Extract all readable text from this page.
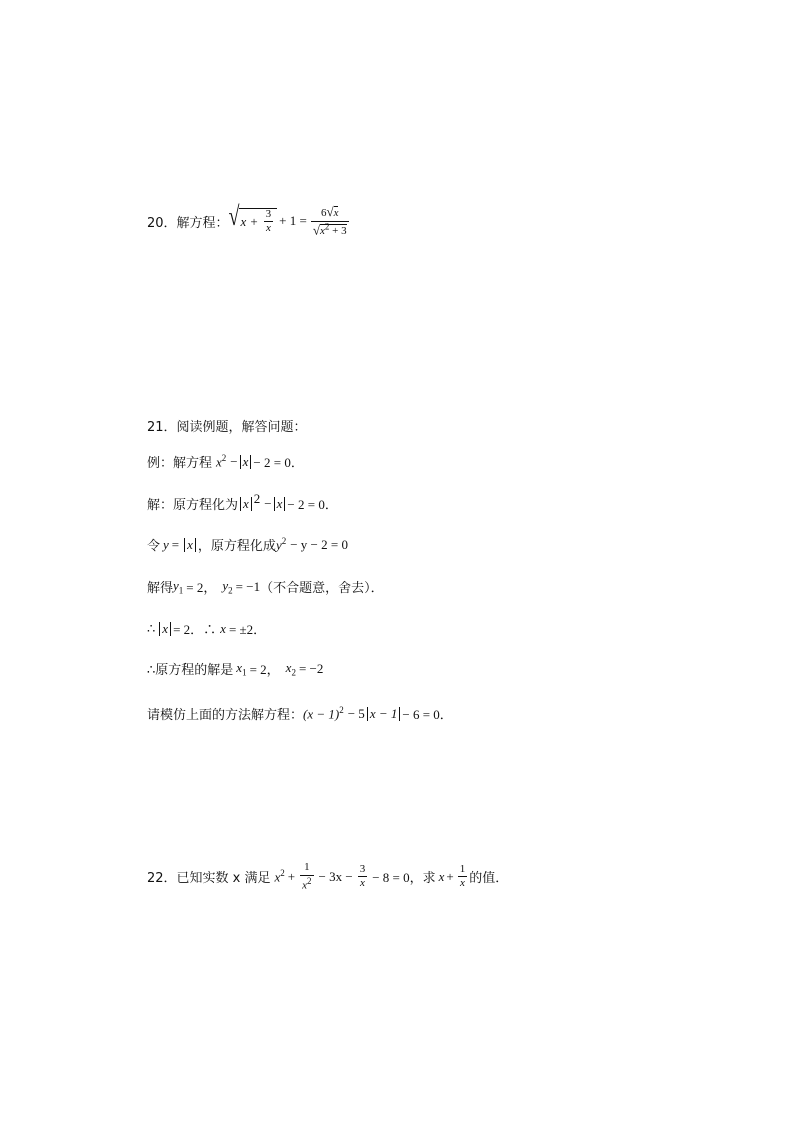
20．解方程： √ $x + \frac{3}{x} + 1 = \frac{6√x}{√x^2 + 3}$
21．阅读例题，解答问题：
例：解方程 $x^2 - x - 2 = 0$．
解：原方程化为 x 2 − x − 2 = 0．
令 y = x ，原方程化成 $y^2 - y - 2 = 0$
解得 $y_1 = 2$， $y_2 = -1$ （不合题意，舍去）．
∴ x = 2．∴ x = ±2．
∴原方程的解是 $x_1 = 2$， $x_2 = -2$
请模仿上面的方法解方程： $(x - 1)^2 - 5$ x − 1 − 6 = 0．
22．已知实数 x 满足 $x^2 + \frac{1}{x^2} - 3x - \frac{3}{x} - 8 = 0$，求 $x + \frac{1}{x}$ 的值．
